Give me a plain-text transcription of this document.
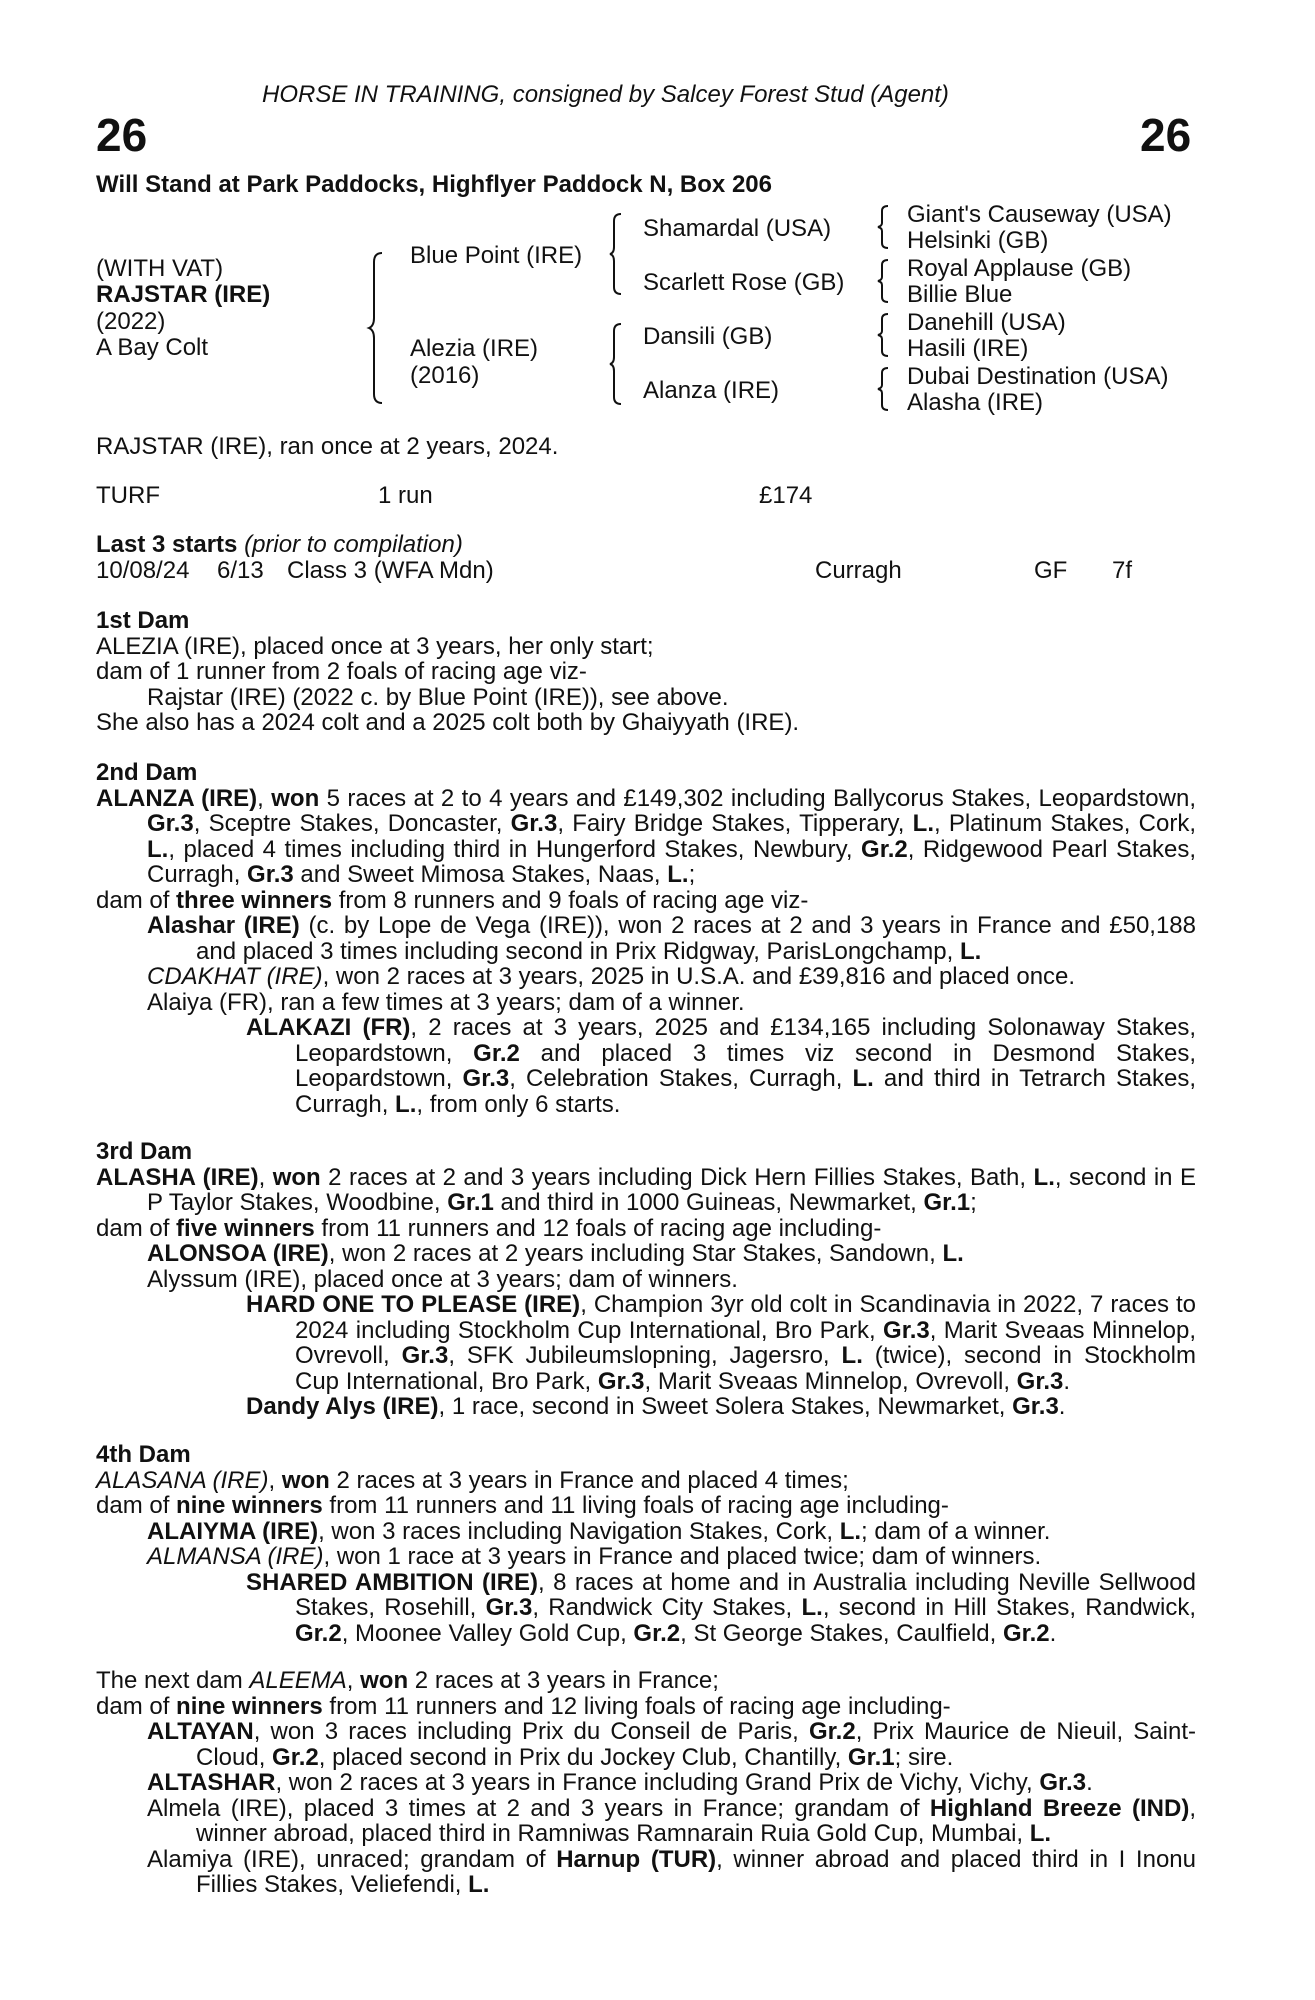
HORSE IN TRAINING, consigned by Salcey Forest Stud (Agent)
26	26
Will Stand at Park Paddocks, Highflyer Paddock N, Box 206
(WITH VAT)
RAJSTAR (IRE)
(2022)
A Bay Colt
Blue Point (IRE)
Alezia (IRE)
(2016)
Shamardal (USA)
Scarlett Rose (GB)
Dansili (GB)
Alanza (IRE)
Giant's Causeway (USA)
Helsinki (GB)
Royal Applause (GB)
Billie Blue
Danehill (USA)
Hasili (IRE)
Dubai Destination (USA)
Alasha (IRE)
RAJSTAR (IRE), ran once at 2 years, 2024.
TURF	1 run	£174
Last 3 starts (prior to compilation)
10/08/24 6/13 Class 3 (WFA Mdn)	Curragh	GF 7f

1st Dam

ALEZIA (IRE), placed once at 3 years, her only start;

dam of 1 runner from 2 foals of racing age viz-

Rajstar (IRE) (2022 c. by Blue Point (IRE)), see above.

She also has a 2024 colt and a 2025 colt both by Ghaiyyath (IRE).

2nd Dam

ALANZA (IRE), won 5 races at 2 to 4 years and £149,302 including Ballycorus Stakes, Leopardstown, Gr.3, Sceptre Stakes, Doncaster, Gr.3, Fairy Bridge Stakes, Tipperary, L., Platinum Stakes, Cork, L., placed 4 times including third in Hungerford Stakes, Newbury, Gr.2, Ridgewood Pearl Stakes, Curragh, Gr.3 and Sweet Mimosa Stakes, Naas, L.;

dam of three winners from 8 runners and 9 foals of racing age viz-

Alashar (IRE) (c. by Lope de Vega (IRE)), won 2 races at 2 and 3 years in France and £50,188 and placed 3 times including second in Prix Ridgway, ParisLongchamp, L.

CDAKHAT (IRE), won 2 races at 3 years, 2025 in U.S.A. and £39,816 and placed once.

Alaiya (FR), ran a few times at 3 years; dam of a winner.

ALAKAZI (FR), 2 races at 3 years, 2025 and £134,165 including Solonaway Stakes, Leopardstown, Gr.2 and placed 3 times viz second in Desmond Stakes, Leopardstown, Gr.3, Celebration Stakes, Curragh, L. and third in Tetrarch Stakes, Curragh, L., from only 6 starts.

3rd Dam

ALASHA (IRE), won 2 races at 2 and 3 years including Dick Hern Fillies Stakes, Bath, L., second in E P Taylor Stakes, Woodbine, Gr.1 and third in 1000 Guineas, Newmarket, Gr.1;

dam of five winners from 11 runners and 12 foals of racing age including-

ALONSOA (IRE), won 2 races at 2 years including Star Stakes, Sandown, L.

Alyssum (IRE), placed once at 3 years; dam of winners.

HARD ONE TO PLEASE (IRE), Champion 3yr old colt in Scandinavia in 2022, 7 races to 2024 including Stockholm Cup International, Bro Park, Gr.3, Marit Sveaas Minnelop, Ovrevoll, Gr.3, SFK Jubileumslopning, Jagersro, L. (twice), second in Stockholm Cup International, Bro Park, Gr.3, Marit Sveaas Minnelop, Ovrevoll, Gr.3.

Dandy Alys (IRE), 1 race, second in Sweet Solera Stakes, Newmarket, Gr.3.

4th Dam

ALASANA (IRE), won 2 races at 3 years in France and placed 4 times;

dam of nine winners from 11 runners and 11 living foals of racing age including-

ALAIYMA (IRE), won 3 races including Navigation Stakes, Cork, L.; dam of a winner.

ALMANSA (IRE), won 1 race at 3 years in France and placed twice; dam of winners.

SHARED AMBITION (IRE), 8 races at home and in Australia including Neville Sellwood Stakes, Rosehill, Gr.3, Randwick City Stakes, L., second in Hill Stakes, Randwick, Gr.2, Moonee Valley Gold Cup, Gr.2, St George Stakes, Caulfield, Gr.2.

The next dam ALEEMA, won 2 races at 3 years in France;

dam of nine winners from 11 runners and 12 living foals of racing age including-

ALTAYAN, won 3 races including Prix du Conseil de Paris, Gr.2, Prix Maurice de Nieuil, Saint-Cloud, Gr.2, placed second in Prix du Jockey Club, Chantilly, Gr.1; sire.

ALTASHAR, won 2 races at 3 years in France including Grand Prix de Vichy, Vichy, Gr.3.

Almela (IRE), placed 3 times at 2 and 3 years in France; grandam of Highland Breeze (IND), winner abroad, placed third in Ramniwas Ramnarain Ruia Gold Cup, Mumbai, L.

Alamiya (IRE), unraced; grandam of Harnup (TUR), winner abroad and placed third in I Inonu Fillies Stakes, Veliefendi, L.
